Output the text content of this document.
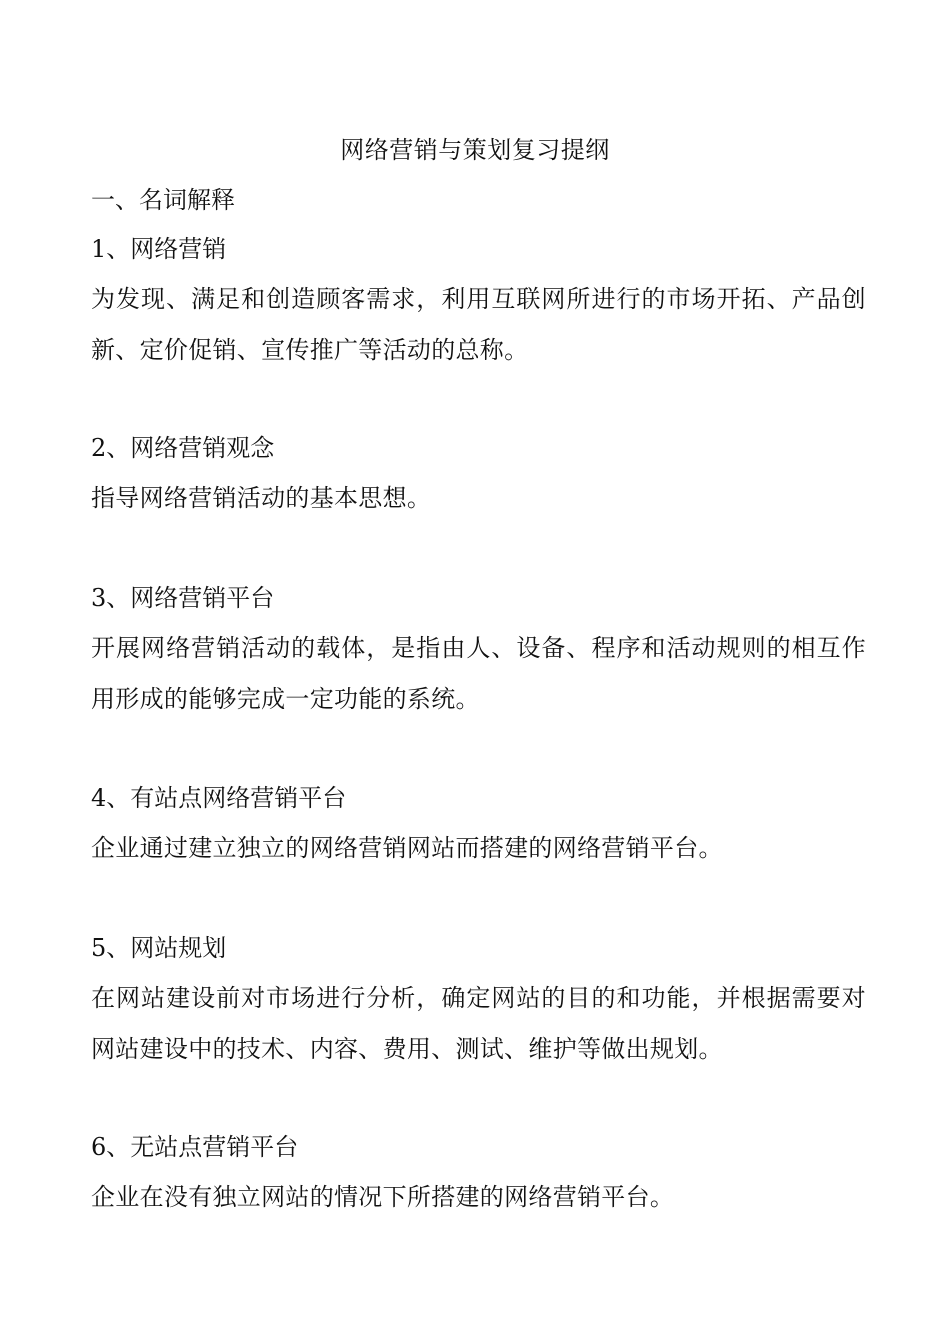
网络营销与策划复习提纲
一、名词解释

1、网络营销

为发现、满足和创造顾客需求，利用互联网所进行的市场开拓、产品创新、定价促销、宣传推广等活动的总称。

2、网络营销观念

指导网络营销活动的基本思想。

3、网络营销平台

开展网络营销活动的载体，是指由人、设备、程序和活动规则的相互作用形成的能够完成一定功能的系统。

4、有站点网络营销平台

企业通过建立独立的网络营销网站而搭建的网络营销平台。

5、网站规划

在网站建设前对市场进行分析，确定网站的目的和功能，并根据需要对网站建设中的技术、内容、费用、测试、维护等做出规划。

6、无站点营销平台

企业在没有独立网站的情况下所搭建的网络营销平台。
